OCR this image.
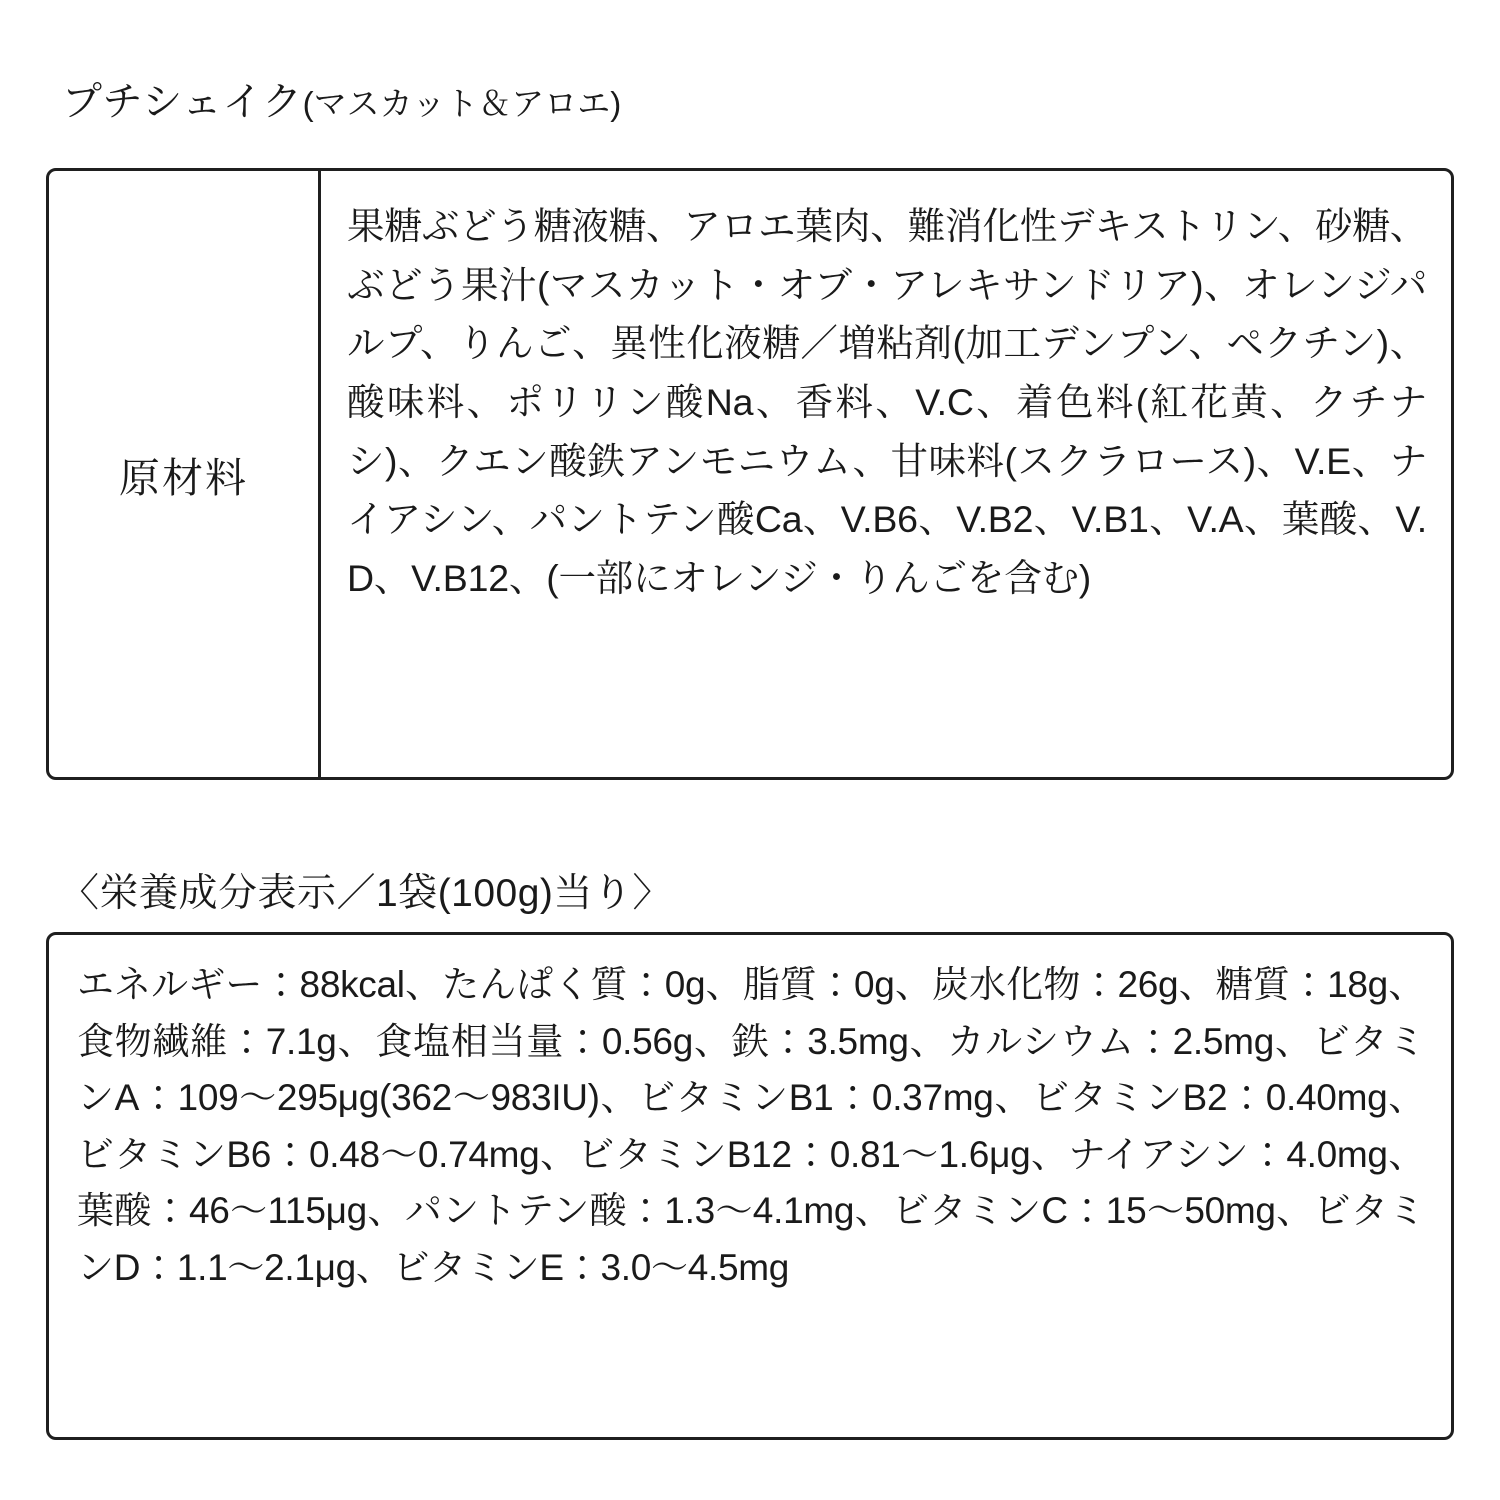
プチシェイク(マスカット＆アロエ)
原材料

果糖ぶどう糖液糖、アロエ葉肉、難消化性デキストリン、砂糖、ぶどう果汁(マスカット・オブ・アレキサンドリア)、オレンジパルプ、りんご、異性化液糖／増粘剤(加工デンプン、ペクチン)、酸味料、ポリリン酸Na、香料、V.C、着色料(紅花黄、クチナシ)、クエン酸鉄アンモニウム、甘味料(スクラロース)、V.E、ナイアシン、パントテン酸Ca、V.B6、V.B2、V.B1、V.A、葉酸、V.D、V.B12、(一部にオレンジ・りんごを含む)

〈栄養成分表示／1袋(100g)当り〉

エネルギー：88kcal、たんぱく質：0g、脂質：0g、炭水化物：26g、糖質：18g、食物繊維：7.1g、食塩相当量：0.56g、鉄：3.5mg、カルシウム：2.5mg、ビタミンA：109〜295μg(362〜983IU)、ビタミンB1：0.37mg、ビタミンB2：0.40mg、ビタミンB6：0.48〜0.74mg、ビタミンB12：0.81〜1.6μg、ナイアシン：4.0mg、葉酸：46〜115μg、パントテン酸：1.3〜4.1mg、ビタミンC：15〜50mg、ビタミンD：1.1〜2.1μg、ビタミンE：3.0〜4.5mg
